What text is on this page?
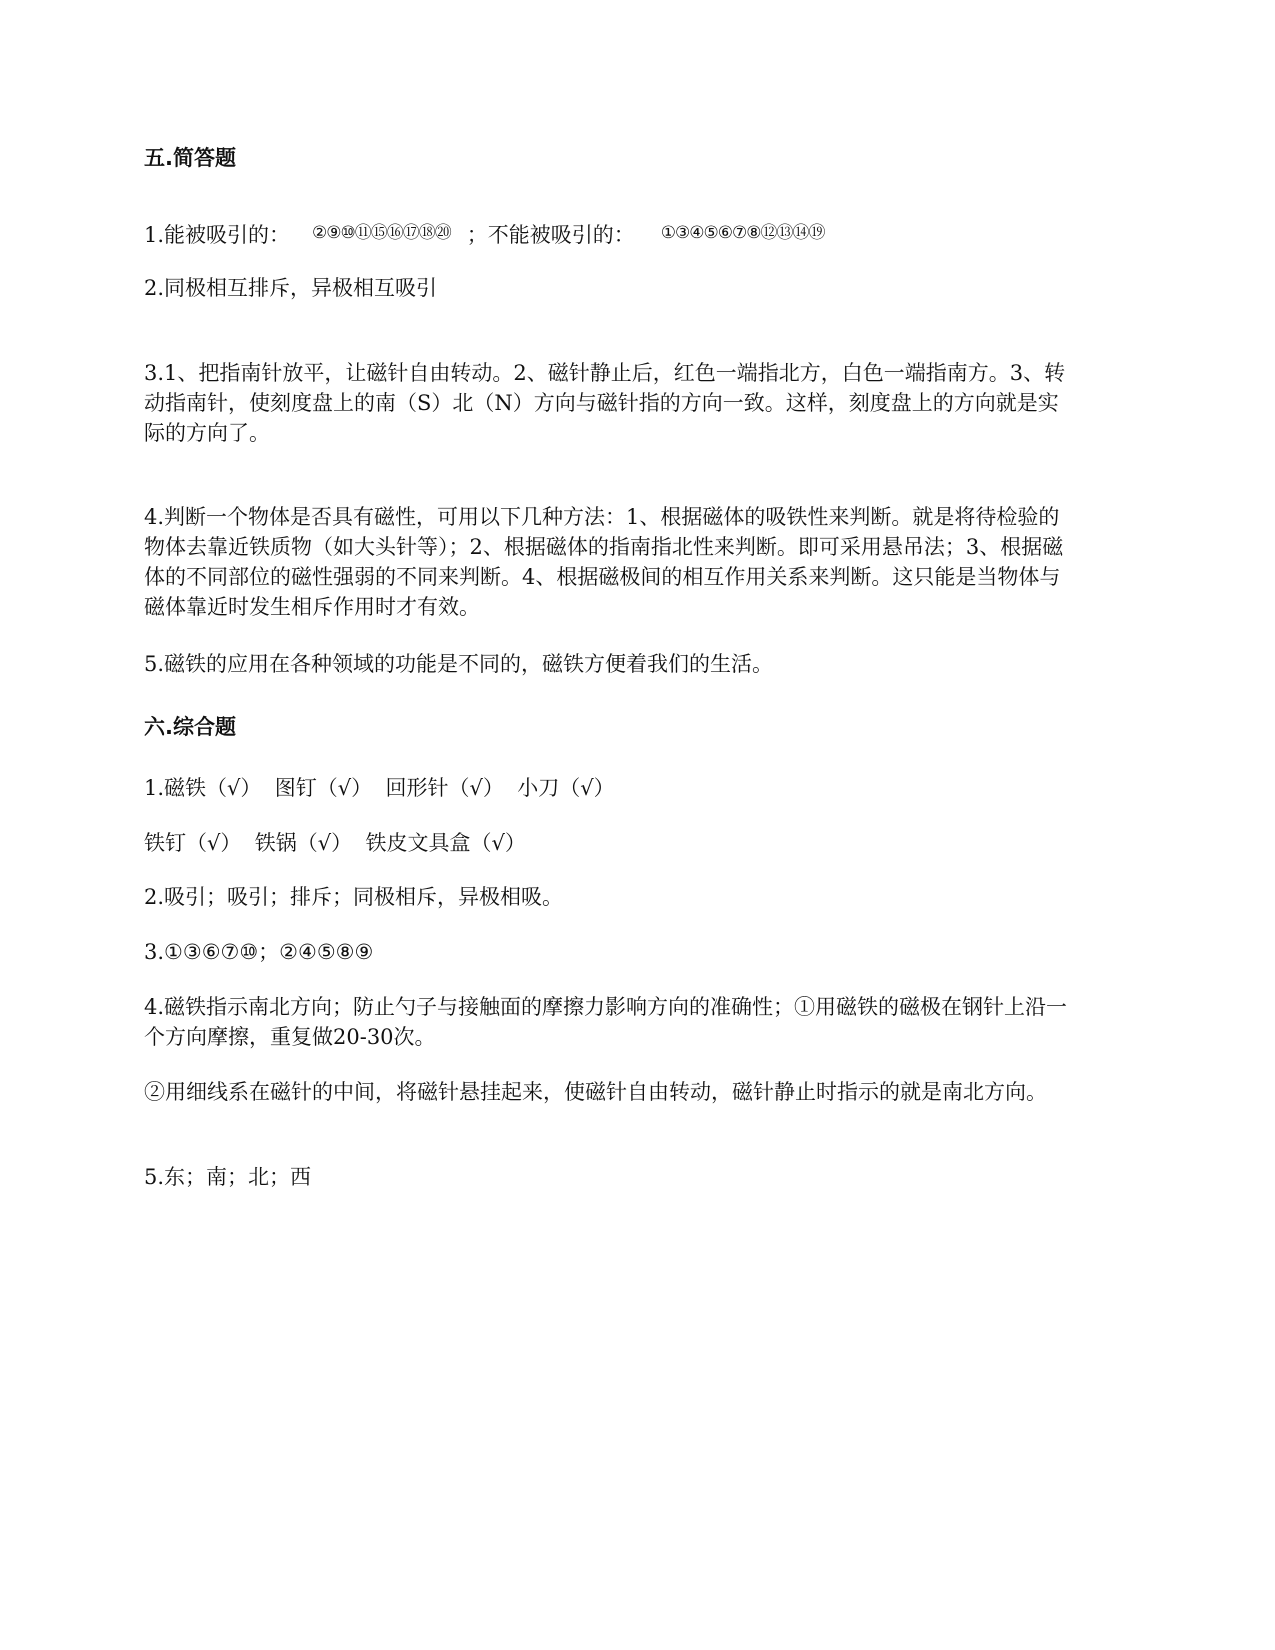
五.简答题
1.能被吸引的： ②⑨⑩⑪⑮⑯⑰⑱⑳ ；不能被吸引的： ①③④⑤⑥⑦⑧⑫⑬⑭⑲
2.同极相互排斥，异极相互吸引
3.1、把指南针放平，让磁针自由转动。2、磁针静止后，红色一端指北方，白色一端指南方。3、转动指南针，使刻度盘上的南（S）北（N）方向与磁针指的方向一致。这样，刻度盘上的方向就是实际的方向了。
4.判断一个物体是否具有磁性，可用以下几种方法：1、根据磁体的吸铁性来判断。就是将待检验的物体去靠近铁质物（如大头针等）；2、根据磁体的指南指北性来判断。即可采用悬吊法；3、根据磁体的不同部位的磁性强弱的不同来判断。4、根据磁极间的相互作用关系来判断。这只能是当物体与磁体靠近时发生相斥作用时才有效。
5.磁铁的应用在各种领域的功能是不同的，磁铁方便着我们的生活。
六.综合题
1.磁铁（√）  图钉（√）  回形针（√）  小刀（√）
铁钉（√）  铁锅（√）  铁皮文具盒（√）
2.吸引；吸引；排斥；同极相斥，异极相吸。
3.①③⑥⑦⑩；②④⑤⑧⑨
4.磁铁指示南北方向；防止勺子与接触面的摩擦力影响方向的准确性；①用磁铁的磁极在钢针上沿一个方向摩擦，重复做20-30次。
②用细线系在磁针的中间，将磁针悬挂起来，使磁针自由转动，磁针静止时指示的就是南北方向。
5.东；南；北；西
